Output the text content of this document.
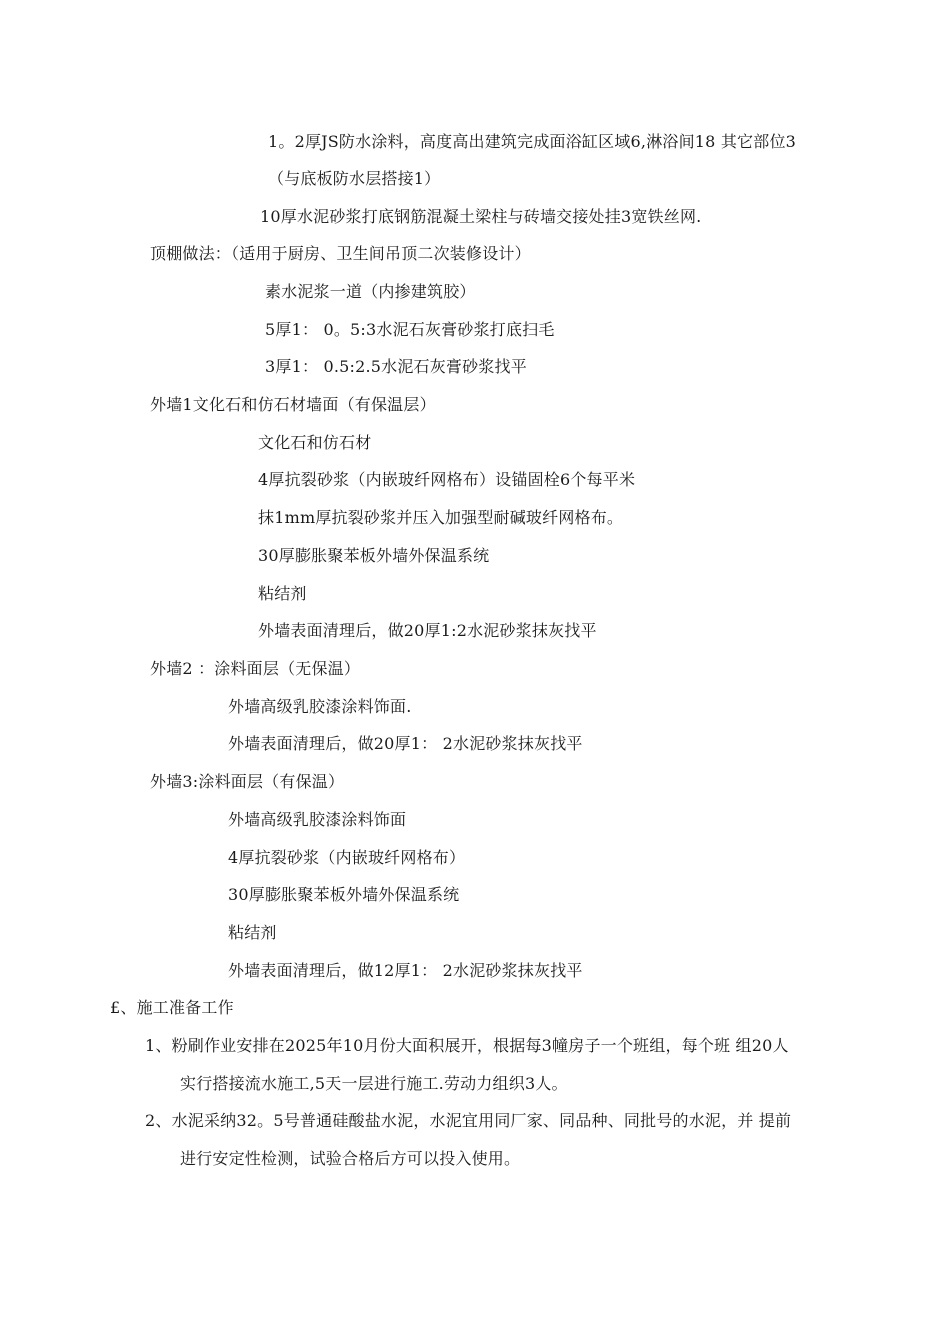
1。2厚JS防水涂料，高度高出建筑完成面浴缸区域6,淋浴间18 其它部位3
（与底板防水层搭接1）
10厚水泥砂浆打底钢筋混凝土梁柱与砖墙交接处挂3宽铁丝网.
顶棚做法：（适用于厨房、卫生间吊顶二次装修设计）
素水泥浆一道（内掺建筑胶）
5厚1： 0。5:3水泥石灰膏砂浆打底扫毛
3厚1： 0.5:2.5水泥石灰膏砂浆找平
外墙1文化石和仿石材墙面（有保温层）
文化石和仿石材
4厚抗裂砂浆（内嵌玻纤网格布）设锚固栓6个每平米
抹1mm厚抗裂砂浆并压入加强型耐碱玻纤网格布。
30厚膨胀聚苯板外墙外保温系统
粘结剂
外墙表面清理后，做20厚1:2水泥砂浆抹灰找平
外墙2 ：涂料面层（无保温）
外墙高级乳胶漆涂料饰面.
外墙表面清理后，做20厚1： 2水泥砂浆抹灰找平
外墙3:涂料面层（有保温）
外墙高级乳胶漆涂料饰面
4厚抗裂砂浆（内嵌玻纤网格布）
30厚膨胀聚苯板外墙外保温系统
粘结剂
外墙表面清理后，做12厚1： 2水泥砂浆抹灰找平
£、施工准备工作
1、粉刷作业安排在2025年10月份大面积展开，根据每3幢房子一个班组，每个班 组20人
实行搭接流水施工,5天一层进行施工.劳动力组织3人。
2、水泥采纳32。5号普通硅酸盐水泥，水泥宜用同厂家、同品种、同批号的水泥，并 提前
进行安定性检测，试验合格后方可以投入使用。
